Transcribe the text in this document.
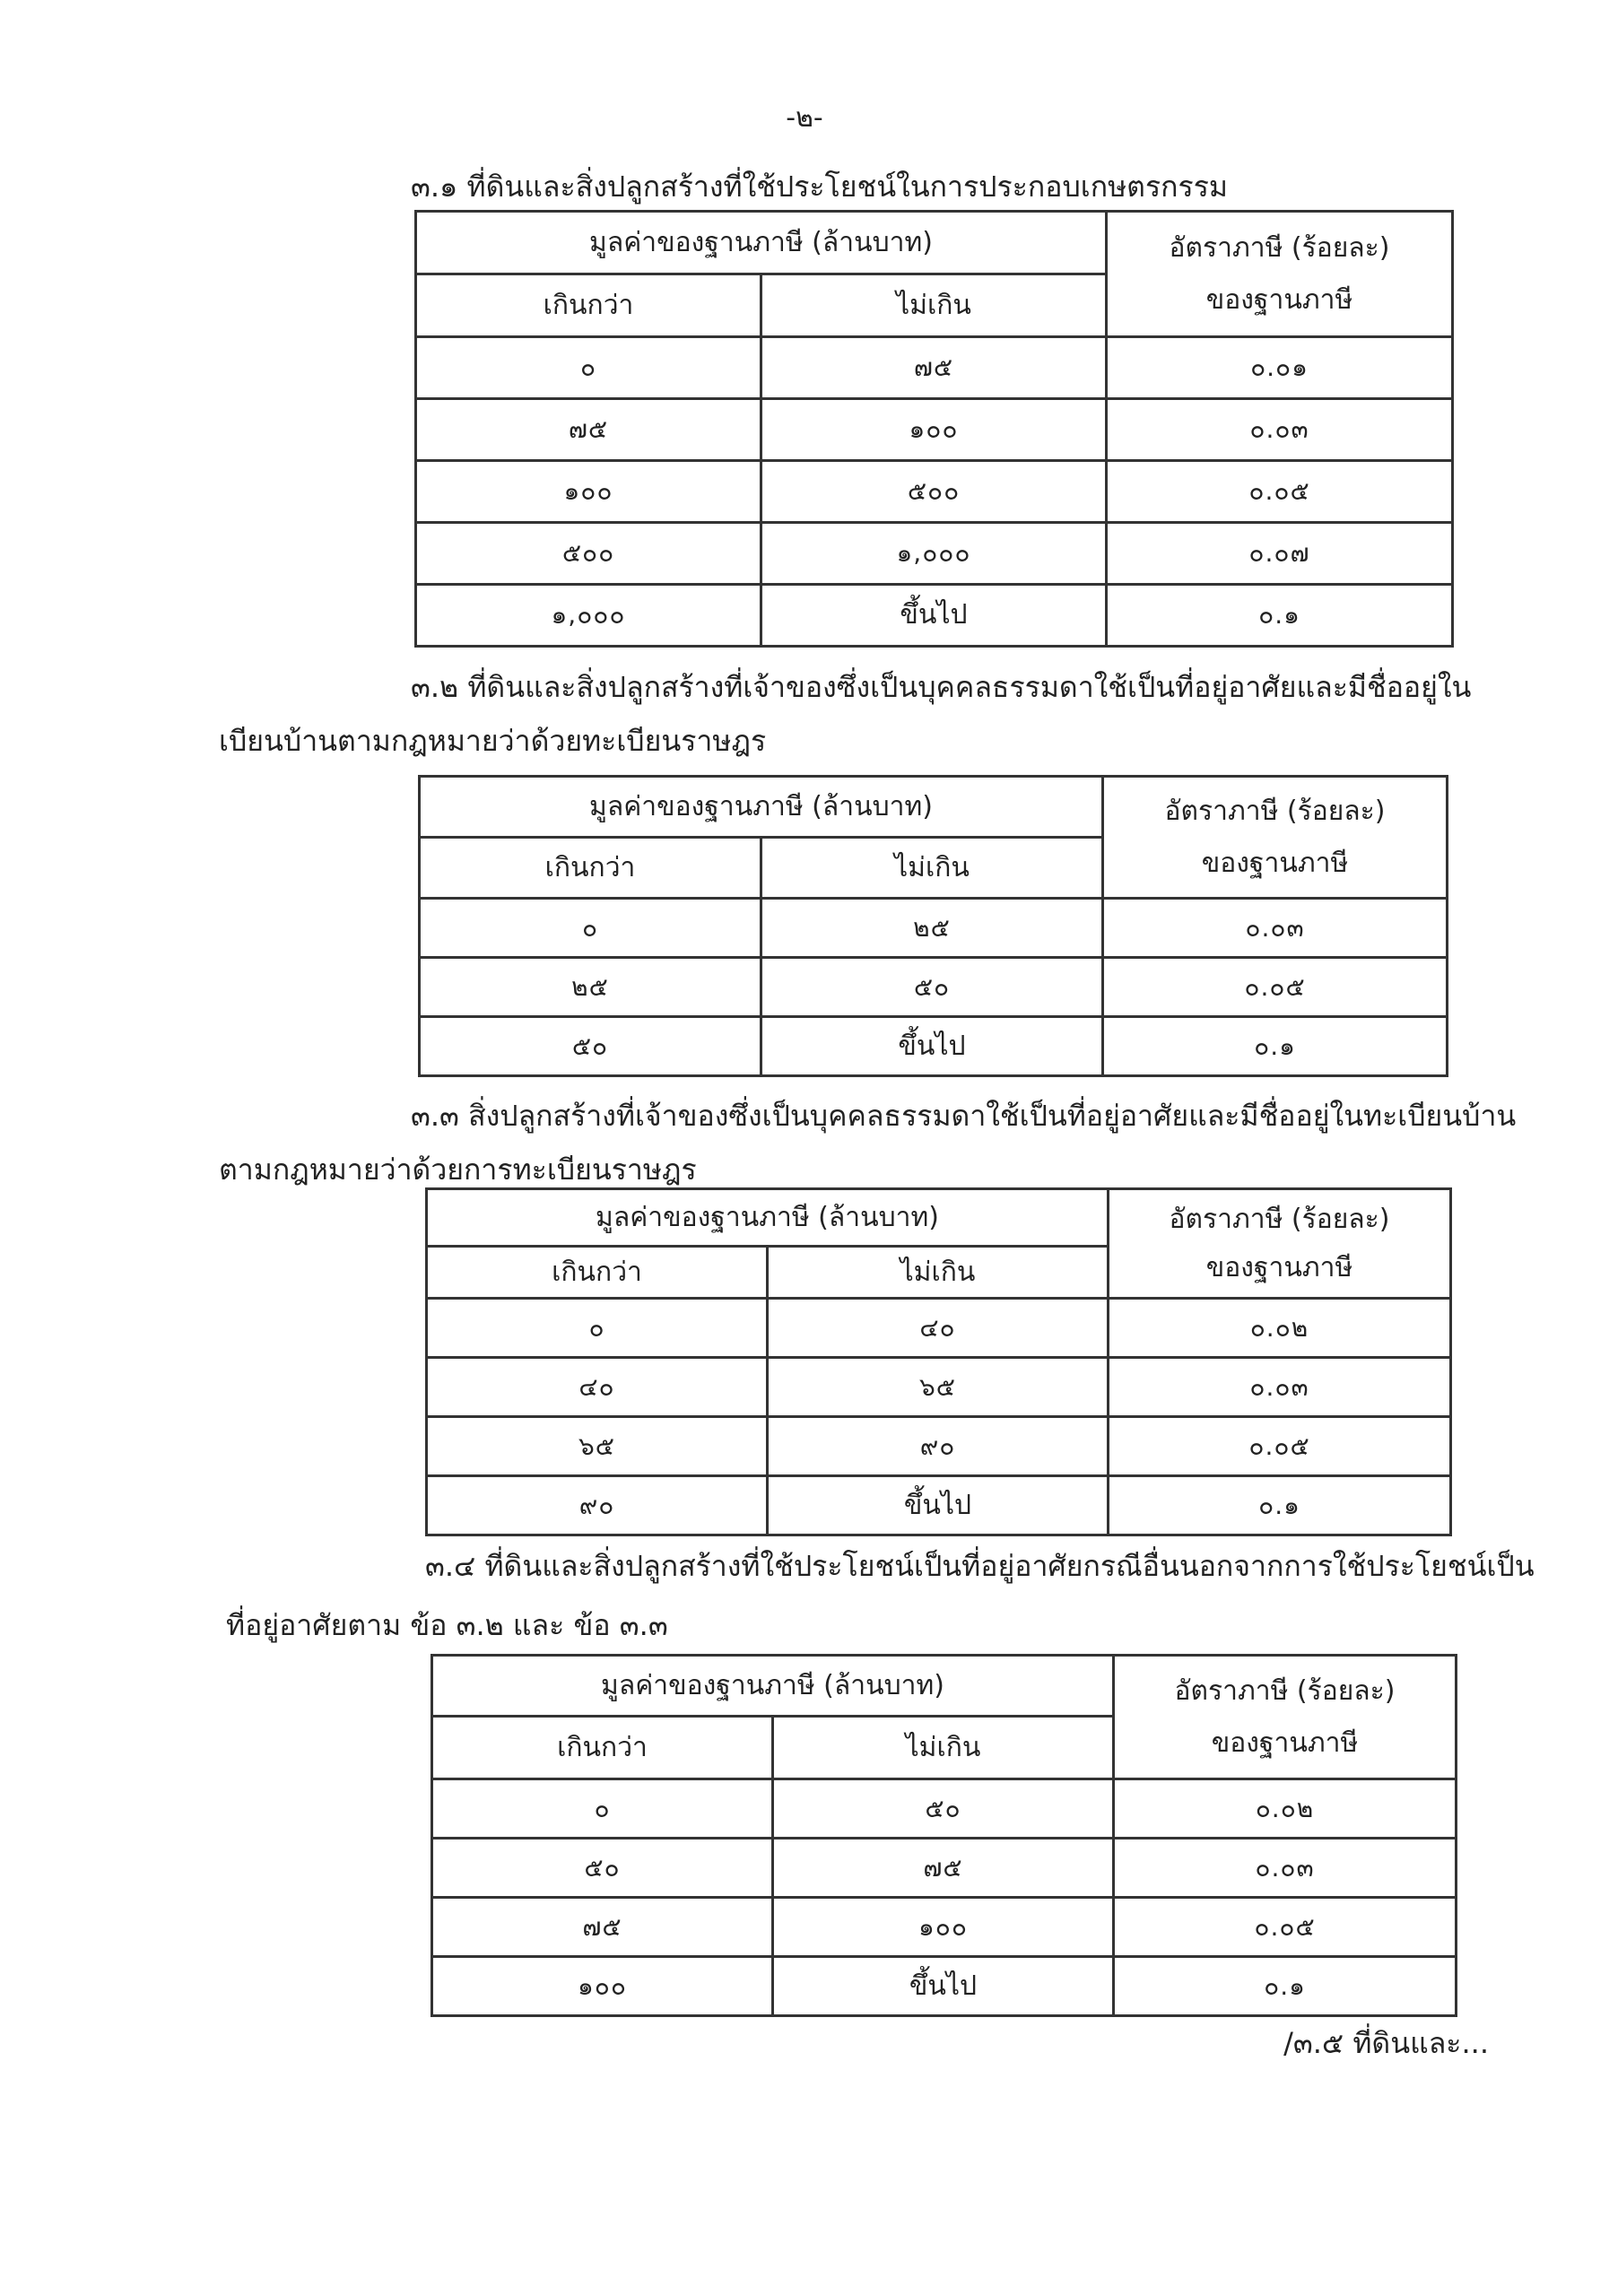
-๒-
๓.๑ ที่ดินและสิ่งปลูกสร้างที่ใช้ประโยชน์ในการประกอบเกษตรกรรม
มูลค่าของฐานภาษี (ล้านบาท)		อัตราภาษี (ร้อยละ)
ของฐานภาษี

เกินกว่า	ไม่เกิน	
๐	๗๕	๐.๐๑
๗๕	๑๐๐	๐.๐๓
๑๐๐	๕๐๐	๐.๐๕
๕๐๐	๑,๐๐๐	๐.๐๗
๑,๐๐๐	ขึ้นไป	๐.๑
๓.๒ ที่ดินและสิ่งปลูกสร้างที่เจ้าของซึ่งเป็นบุคคลธรรมดาใช้เป็นที่อยู่อาศัยและมีชื่ออยู่ใน
เบียนบ้านตามกฎหมายว่าด้วยทะเบียนราษฎร
มูลค่าของฐานภาษี (ล้านบาท)		อัตราภาษี (ร้อยละ)
ของฐานภาษี

เกินกว่า	ไม่เกิน	
๐	๒๕	๐.๐๓
๒๕	๕๐	๐.๐๕
๕๐	ขึ้นไป	๐.๑
๓.๓ สิ่งปลูกสร้างที่เจ้าของซึ่งเป็นบุคคลธรรมดาใช้เป็นที่อยู่อาศัยและมีชื่ออยู่ในทะเบียนบ้าน
ตามกฎหมายว่าด้วยการทะเบียนราษฎร
มูลค่าของฐานภาษี (ล้านบาท)		อัตราภาษี (ร้อยละ)
ของฐานภาษี

เกินกว่า	ไม่เกิน	
๐	๔๐	๐.๐๒
๔๐	๖๕	๐.๐๓
๖๕	๙๐	๐.๐๕
๙๐	ขึ้นไป	๐.๑
๓.๔ ที่ดินและสิ่งปลูกสร้างที่ใช้ประโยชน์เป็นที่อยู่อาศัยกรณีอื่นนอกจากการใช้ประโยชน์เป็น
ที่อยู่อาศัยตาม ข้อ ๓.๒ และ ข้อ ๓.๓
มูลค่าของฐานภาษี (ล้านบาท)		อัตราภาษี (ร้อยละ)
ของฐานภาษี

เกินกว่า	ไม่เกิน	
๐	๕๐	๐.๐๒
๕๐	๗๕	๐.๐๓
๗๕	๑๐๐	๐.๐๕
๑๐๐	ขึ้นไป	๐.๑
/๓.๕ ที่ดินและ...
